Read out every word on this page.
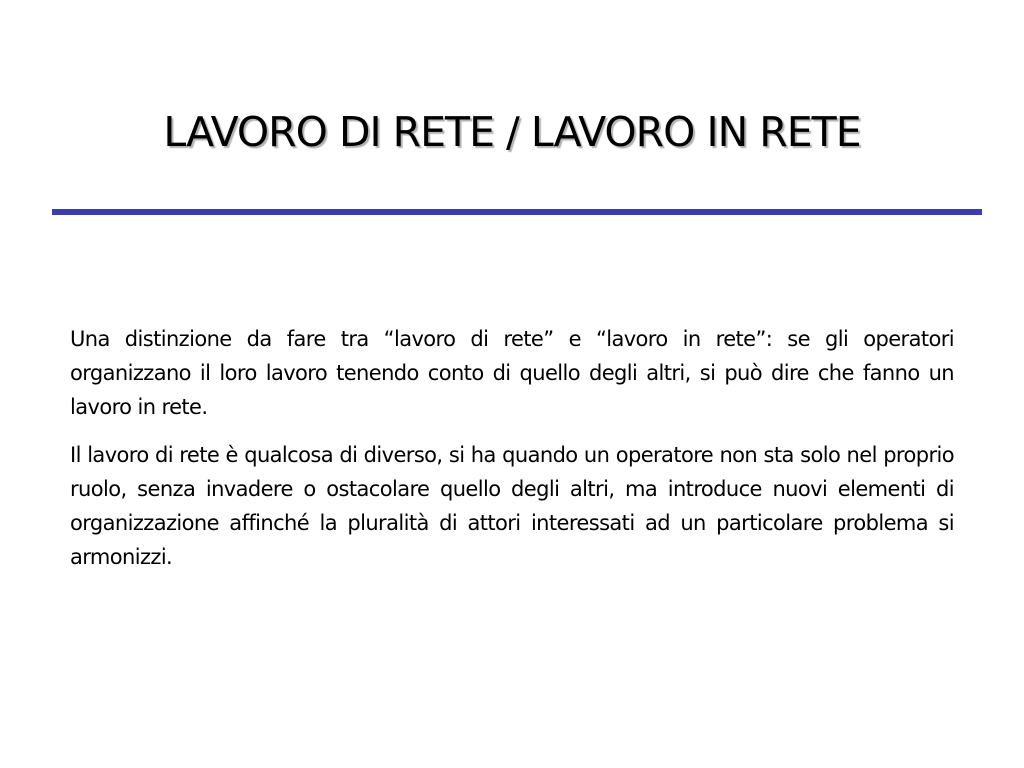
LAVORO DI RETE / LAVORO IN RETE

Una distinzione da fare tra “lavoro di rete” e “lavoro in rete”: se gli operatori organizzano il loro lavoro tenendo conto di quello degli altri, si può dire che fanno un lavoro in rete.

Il lavoro di rete è qualcosa di diverso, si ha quando un operatore non sta solo nel proprio ruolo, senza invadere o ostacolare quello degli altri, ma introduce nuovi elementi di organizzazione affinché la pluralità di attori interessati ad un particolare problema si armonizzi.
